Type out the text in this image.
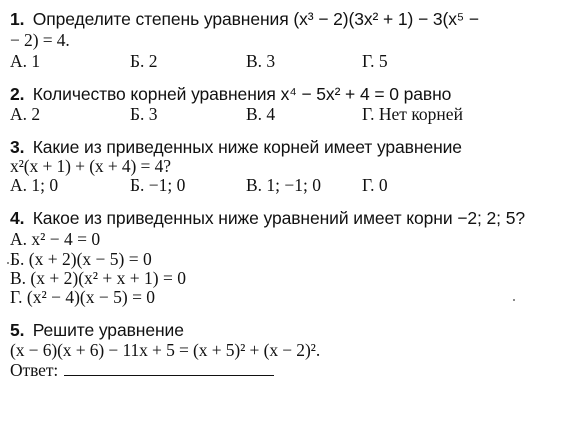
1. Определите степень уравнения (x³ − 2)(3x² + 1) − 3(x⁵ −
− 2) = 4.
А. 1	Б. 2	В. 3	Г. 5
2. Количество корней уравнения x⁴ − 5x² + 4 = 0 равно
А. 2	Б. 3	В. 4	Г. Нет корней
3. Какие из приведенных ниже корней имеет уравнение
x²(x + 1) + (x + 4) = 4?
А. 1; 0	Б. −1; 0	В. 1; −1; 0 Г. 0
4. Какое из приведенных ниже уравнений имеет корни −2; 2; 5?
А. x² − 4 = 0
Б. (x + 2)(x − 5) = 0
В. (x + 2)(x² + x + 1) = 0
Г. (x² − 4)(x − 5) = 0
5. Решите уравнение
(x − 6)(x + 6) − 11x + 5 = (x + 5)² + (x − 2)².
Ответ:
